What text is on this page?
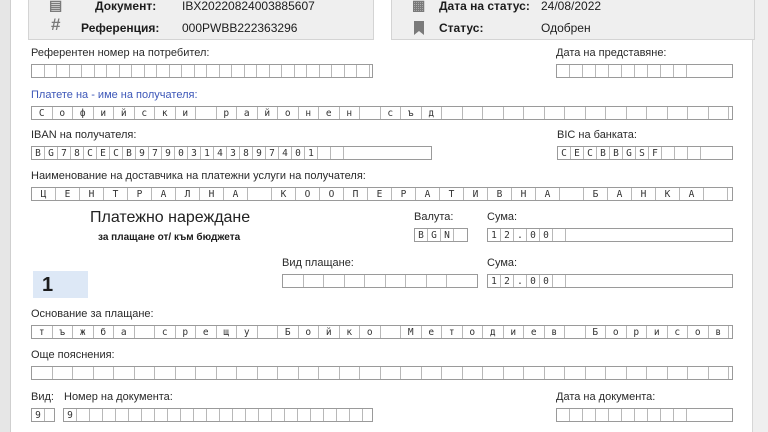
▤	Документ: IBX20220824003885607
# Референция: 000PWBB222363296
▦ Дата на статус: 24/08/2022
Статус:	Одобрен
Референтен номер на потребител:	Дата на представяне:
Платете на - име на получателя:
С	о	ф	и	й	с	к	и	р	а	й	о	н	е	н	с	ъ	д
IBAN на получателя:
B G 7 8 C E C B 9 7 9 0 3 1 4 3 8 9 7 4 0 1
BIC на банката:
C E C B B G S F
Наименование на доставчика на платежни услуги на получателя:
Ц	Е	Н	Т	Р	А	Л	Н	А	К	О	О	П	Е	Р	А	Т	И	В	Н	А	Б	А	Н	К	А
Платежно нареждане
за плащане от/ към бюджета
Валута:
B G N
Сума:
1 2 . 0 0
1
Вид плащане:	Сума:
1 2 . 0 0
Основание за плащане:
т	ъ	ж	б	а	с	р	е	щ	у	Б	о	й	к	о	М	е	т	о	д	и	е	в	Б	о	р	и	с	о	в
Още пояснения:
Вид:
9
Номер на документа:
9
Дата на документа:
